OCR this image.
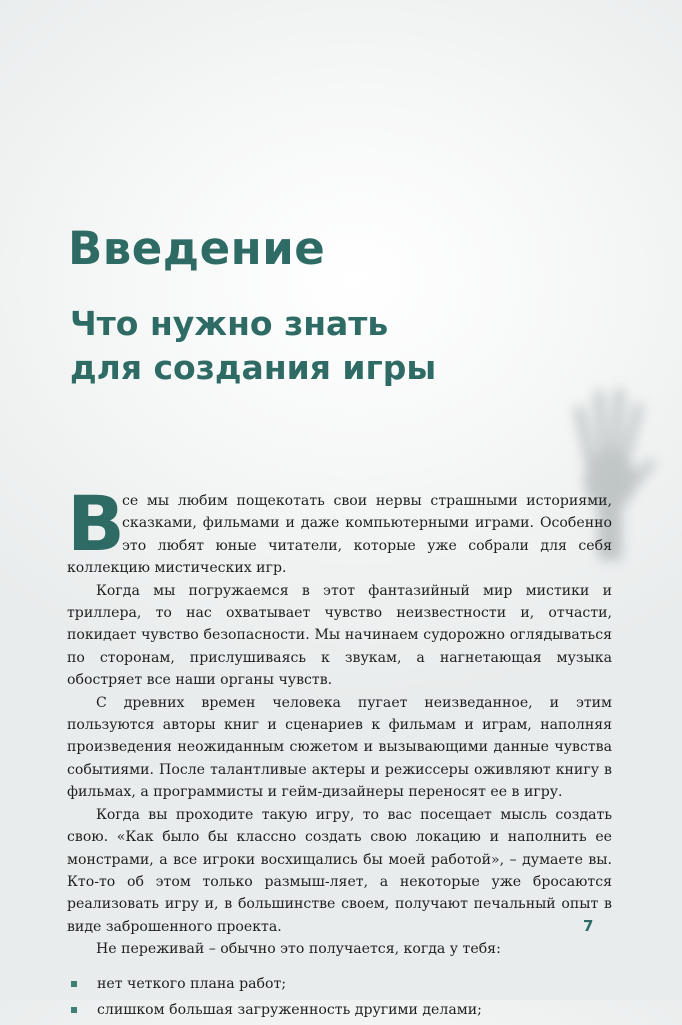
Введение
Что нужно знать
для создания игры
В

се мы любим пощекотать свои нервы страшными историями, сказками, фильмами и даже компьютерными играми. Особенно это любят юные читатели, которые уже собрали для себя коллекцию мистических игр.

Когда мы погружаемся в этот фантазийный мир мистики и триллера, то нас охватывает чувство неизвестности и, отчасти, покидает чувство безопасности. Мы начинаем судорожно оглядываться по сторонам, прислушиваясь к звукам, а нагнетающая музыка обостряет все наши органы чувств.

С древних времен человека пугает неизведанное, и этим пользуются авторы книг и сценариев к фильмам и играм, наполняя произведения неожиданным сюжетом и вызывающими данные чувства событиями. После талантливые актеры и режиссеры оживляют книгу в фильмах, а программисты и гейм-дизайнеры переносят ее в игру.

Когда вы проходите такую игру, то вас посещает мысль создать свою. «Как было бы классно создать свою локацию и наполнить ее монстрами, а все игроки восхищались бы моей работой», – думаете вы. Кто-то об этом только размыш-ляет, а некоторые уже бросаются реализовать игру и, в большинстве своем, получают печальный опыт в виде заброшенного проекта.

Не переживай – обычно это получается, когда у тебя:

нет четкого плана работ;
слишком большая загруженность другими делами;
7
